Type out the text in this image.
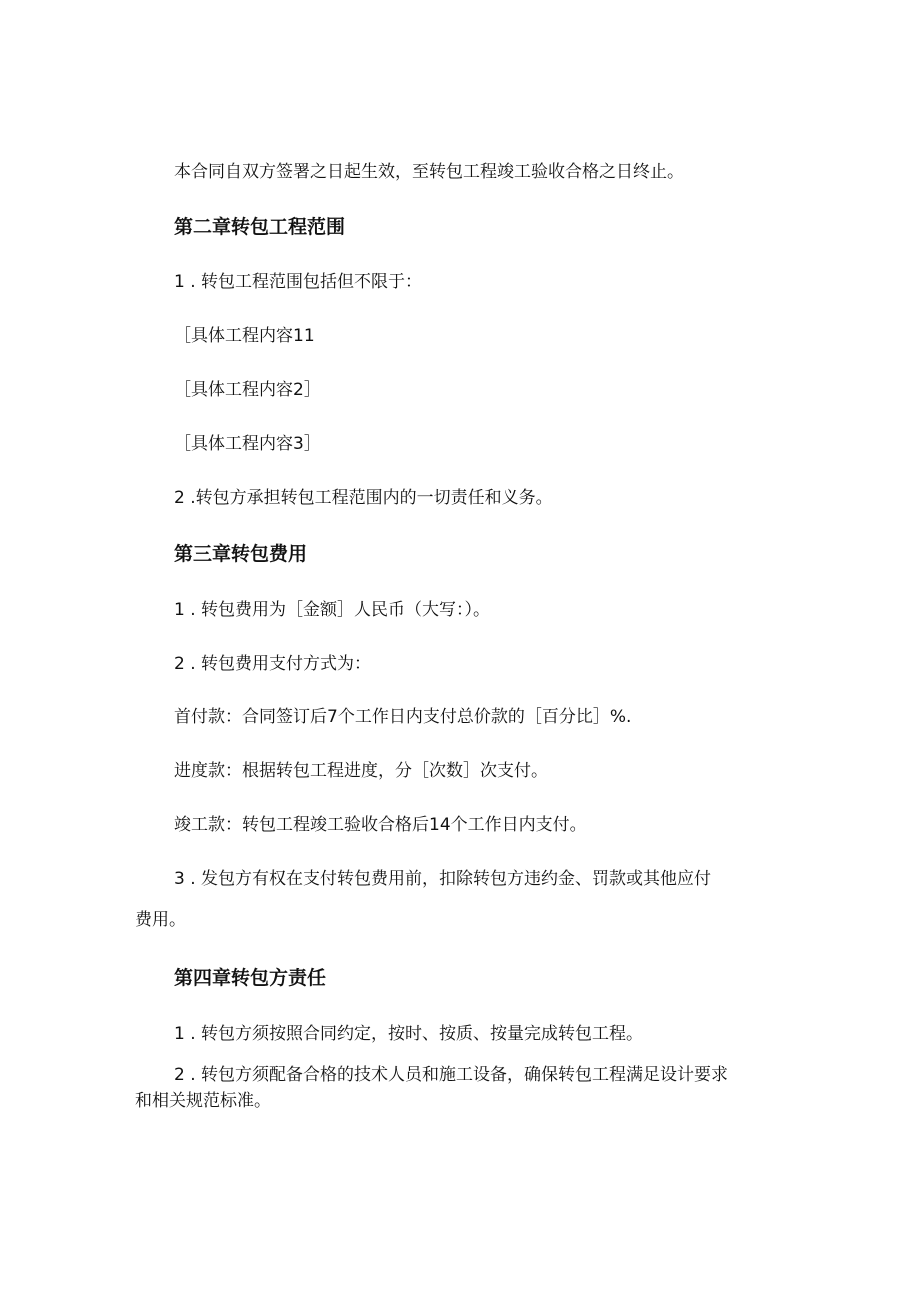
本合同自双方签署之日起生效，至转包工程竣工验收合格之日终止。
第二章转包工程范围
1 . 转包工程范围包括但不限于：
［具体工程内容11
［具体工程内容2］
［具体工程内容3］
2 .转包方承担转包工程范围内的一切责任和义务。
第三章转包费用
1 . 转包费用为［金额］人民币（大写：）。
2 . 转包费用支付方式为：
首付款：合同签订后7个工作日内支付总价款的［百分比］%.
进度款：根据转包工程进度，分［次数］次支付。
竣工款：转包工程竣工验收合格后14个工作日内支付。
3 . 发包方有权在支付转包费用前，扣除转包方违约金、罚款或其他应付
费用。
第四章转包方责任
1 . 转包方须按照合同约定，按时、按质、按量完成转包工程。
2 . 转包方须配备合格的技术人员和施工设备，确保转包工程满足设计要求
和相关规范标准。
